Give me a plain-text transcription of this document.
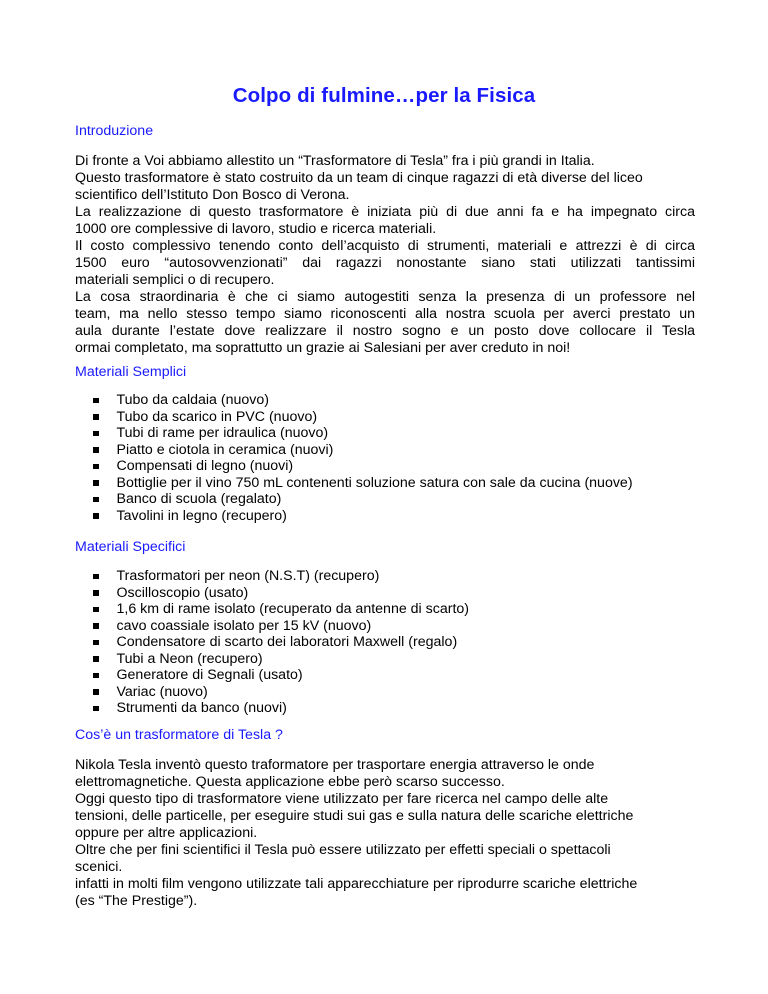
Colpo di fulmine…per la Fisica
Introduzione
Di fronte a Voi abbiamo allestito un “Trasformatore di Tesla” fra i più grandi in Italia.
Questo trasformatore è stato costruito da un team di cinque ragazzi di età diverse del liceo
scientifico dell’Istituto Don Bosco di Verona.
La realizzazione di questo trasformatore è iniziata più di due anni fa e ha impegnato circa
1000 ore complessive di lavoro, studio e ricerca materiali.
Il costo complessivo tenendo conto dell’acquisto di strumenti, materiali e attrezzi è di circa
1500 euro “autosovvenzionati” dai ragazzi nonostante siano stati utilizzati tantissimi
materiali semplici o di recupero.
La cosa straordinaria è che ci siamo autogestiti senza la presenza di un professore nel
team, ma nello stesso tempo siamo riconoscenti alla nostra scuola per averci prestato un
aula durante l’estate dove realizzare il nostro sogno e un posto dove collocare il Tesla
ormai completato, ma soprattutto un grazie ai Salesiani per aver creduto in noi!
Materiali Semplici
Tubo da caldaia (nuovo)
Tubo da scarico in PVC (nuovo)
Tubi di rame per idraulica (nuovo)
Piatto e ciotola in ceramica (nuovi)
Compensati di legno (nuovi)
Bottiglie per il vino 750 mL contenenti soluzione satura con sale da cucina (nuove)
Banco di scuola (regalato)
Tavolini in legno (recupero)
Materiali Specifici
Trasformatori per neon (N.S.T) (recupero)
Oscilloscopio (usato)
1,6 km di rame isolato (recuperato da antenne di scarto)
cavo coassiale isolato per 15 kV (nuovo)
Condensatore di scarto dei laboratori Maxwell (regalo)
Tubi a Neon (recupero)
Generatore di Segnali (usato)
Variac (nuovo)
Strumenti da banco (nuovi)
Cos’è un trasformatore di Tesla ?
Nikola Tesla inventò questo traformatore per trasportare energia attraverso le onde
elettromagnetiche. Questa applicazione ebbe però scarso successo.
Oggi questo tipo di trasformatore viene utilizzato per fare ricerca nel campo delle alte
tensioni, delle particelle, per eseguire studi sui gas e sulla natura delle scariche elettriche
oppure per altre applicazioni.
Oltre che per fini scientifici il Tesla può essere utilizzato per effetti speciali o spettacoli
scenici.
infatti in molti film vengono utilizzate tali apparecchiature per riprodurre scariche elettriche
(es “The Prestige”).
